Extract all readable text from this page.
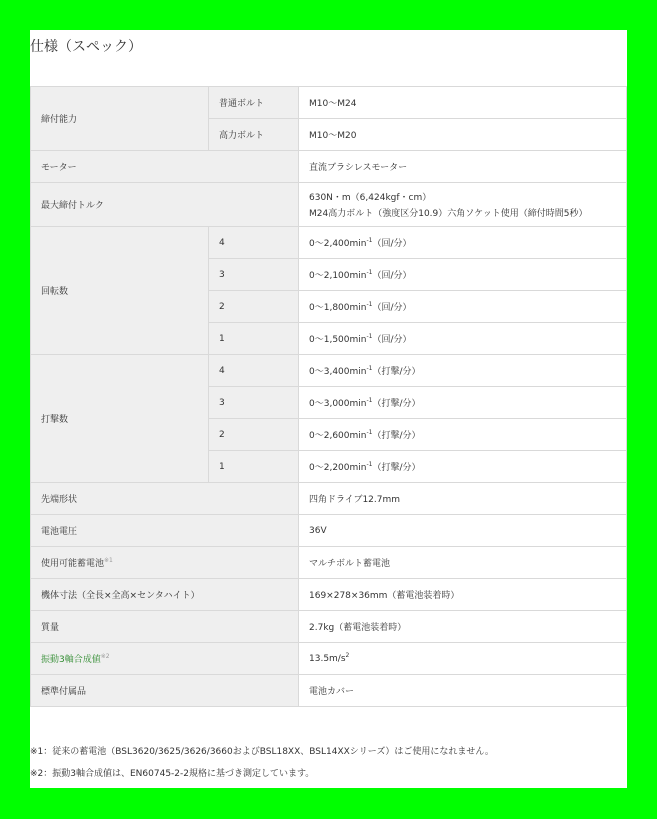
仕様（スペック）
締付能力	普通ボルト	M10～M24
	高力ボルト	M10～M20
モーター		直流ブラシレスモーター
最大締付トルク		630N・m（6,424kgf・cm）
M24高力ボルト（強度区分10.9）六角ソケット使用（締付時間5秒）

回転数	4	$0\sim 2,400\min^{-1}$（回/分）
	3	$0\sim 2,100\min^{-1}$（回/分）
	2	$0\sim 1,800\min^{-1}$（回/分）
	1	$0\sim 1,500\min^{-1}$（回/分）
打撃数	4	$0\sim 3,400\min^{-1}$（打撃/分）
	3	$0\sim 3,000\min^{-1}$（打撃/分）
	2	$0\sim 2,600\min^{-1}$（打撃/分）
	1	$0\sim 2,200\min^{-1}$（打撃/分）
先端形状		四角ドライブ12.7mm
電池電圧		36V
使用可能蓄電池$^{※1}$		マルチボルト蓄電池
機体寸法（全長×全高×センタハイト）		169×278×36mm（蓄電池装着時）
質量		2.7kg（蓄電池装着時）
振動3軸合成値$^{※2}$		$13.5m/s^2$
標準付属品		電池カバー
※1：従来の蓄電池（BSL3620/3625/3626/3660およびBSL18XX、BSL14XXシリーズ）はご使用になれません。
※2：振動3軸合成値は、EN60745-2-2規格に基づき測定しています。
